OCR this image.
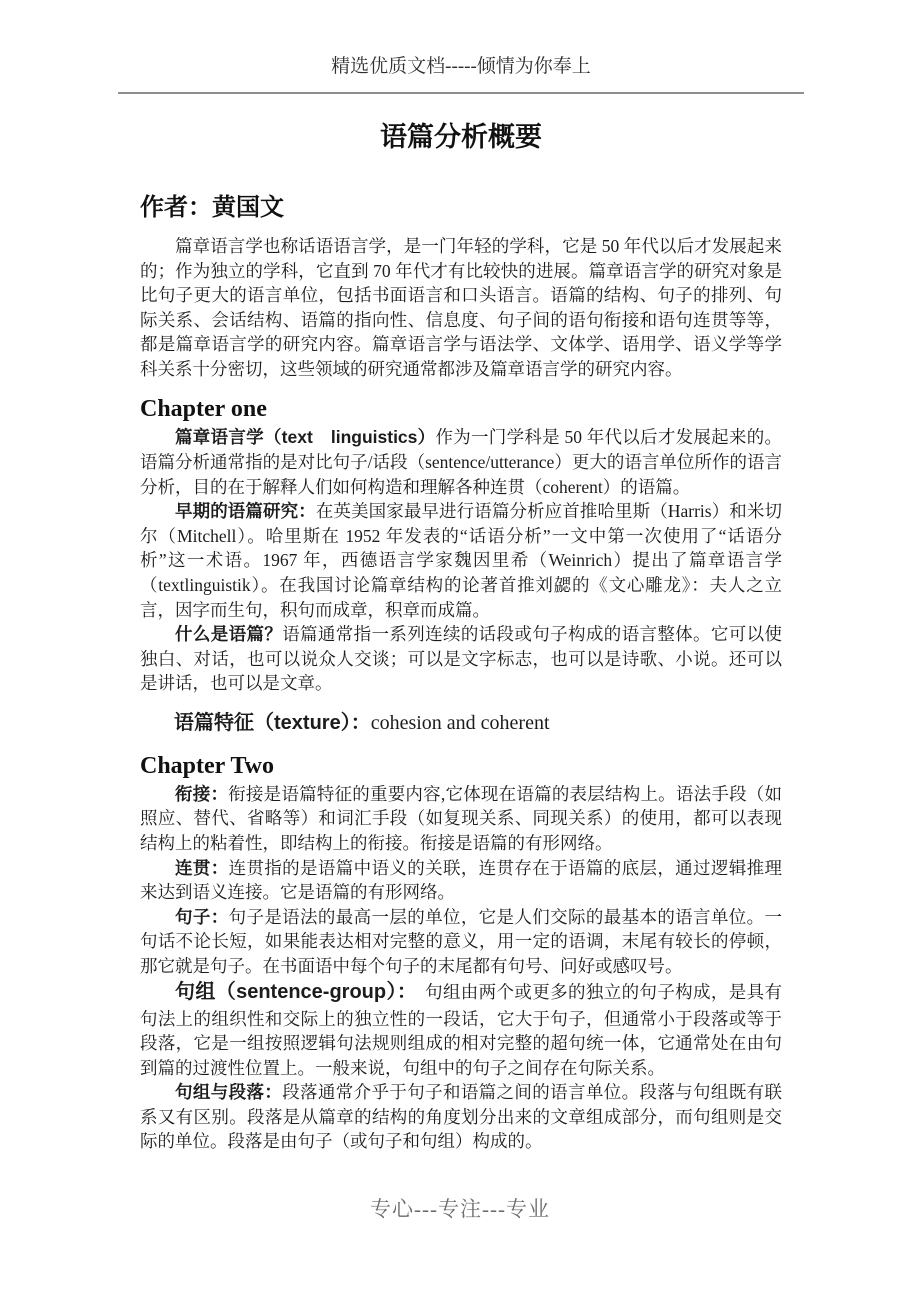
精选优质文档-----倾情为你奉上
语篇分析概要
作者：黄国文

篇章语言学也称话语语言学，是一门年轻的学科，它是 50 年代以后才发展起来的；作为独立的学科，它直到 70 年代才有比较快的进展。篇章语言学的研究对象是比句子更大的语言单位，包括书面语言和口头语言。语篇的结构、句子的排列、句际关系、会话结构、语篇的指向性、信息度、句子间的语句衔接和语句连贯等等，都是篇章语言学的研究内容。篇章语言学与语法学、文体学、语用学、语义学等学科关系十分密切，这些领域的研究通常都涉及篇章语言学的研究内容。

Chapter one

篇章语言学（text　linguistics）作为一门学科是 50 年代以后才发展起来的。语篇分析通常指的是对比句子/话段（sentence/utterance）更大的语言单位所作的语言分析，目的在于解释人们如何构造和理解各种连贯（coherent）的语篇。

早期的语篇研究：在英美国家最早进行语篇分析应首推哈里斯（Harris）和米切尔（Mitchell）。哈里斯在 1952 年发表的“话语分析”一文中第一次使用了“话语分析”这一术语。1967 年，西德语言学家魏因里希（Weinrich）提出了篇章语言学（textlinguistik）。在我国讨论篇章结构的论著首推刘勰的《文心雕龙》：夫人之立言，因字而生句，积句而成章，积章而成篇。

什么是语篇？语篇通常指一系列连续的话段或句子构成的语言整体。它可以使独白、对话，也可以说众人交谈；可以是文字标志，也可以是诗歌、小说。还可以是讲话，也可以是文章。

语篇特征（texture）：cohesion and coherent

Chapter Two

衔接：衔接是语篇特征的重要内容,它体现在语篇的表层结构上。语法手段（如照应、替代、省略等）和词汇手段（如复现关系、同现关系）的使用，都可以表现结构上的粘着性，即结构上的衔接。衔接是语篇的有形网络。

连贯：连贯指的是语篇中语义的关联，连贯存在于语篇的底层，通过逻辑推理来达到语义连接。它是语篇的有形网络。

句子：句子是语法的最高一层的单位，它是人们交际的最基本的语言单位。一句话不论长短，如果能表达相对完整的意义，用一定的语调，末尾有较长的停顿，那它就是句子。在书面语中每个句子的末尾都有句号、问好或感叹号。

句组（sentence-group）：　句组由两个或更多的独立的句子构成，是具有句法上的组织性和交际上的独立性的一段话，它大于句子，但通常小于段落或等于段落，它是一组按照逻辑句法规则组成的相对完整的超句统一体，它通常处在由句到篇的过渡性位置上。一般来说，句组中的句子之间存在句际关系。

句组与段落：段落通常介乎于句子和语篇之间的语言单位。段落与句组既有联系又有区别。段落是从篇章的结构的角度划分出来的文章组成部分，而句组则是交际的单位。段落是由句子（或句子和句组）构成的。

专心---专注---专业
